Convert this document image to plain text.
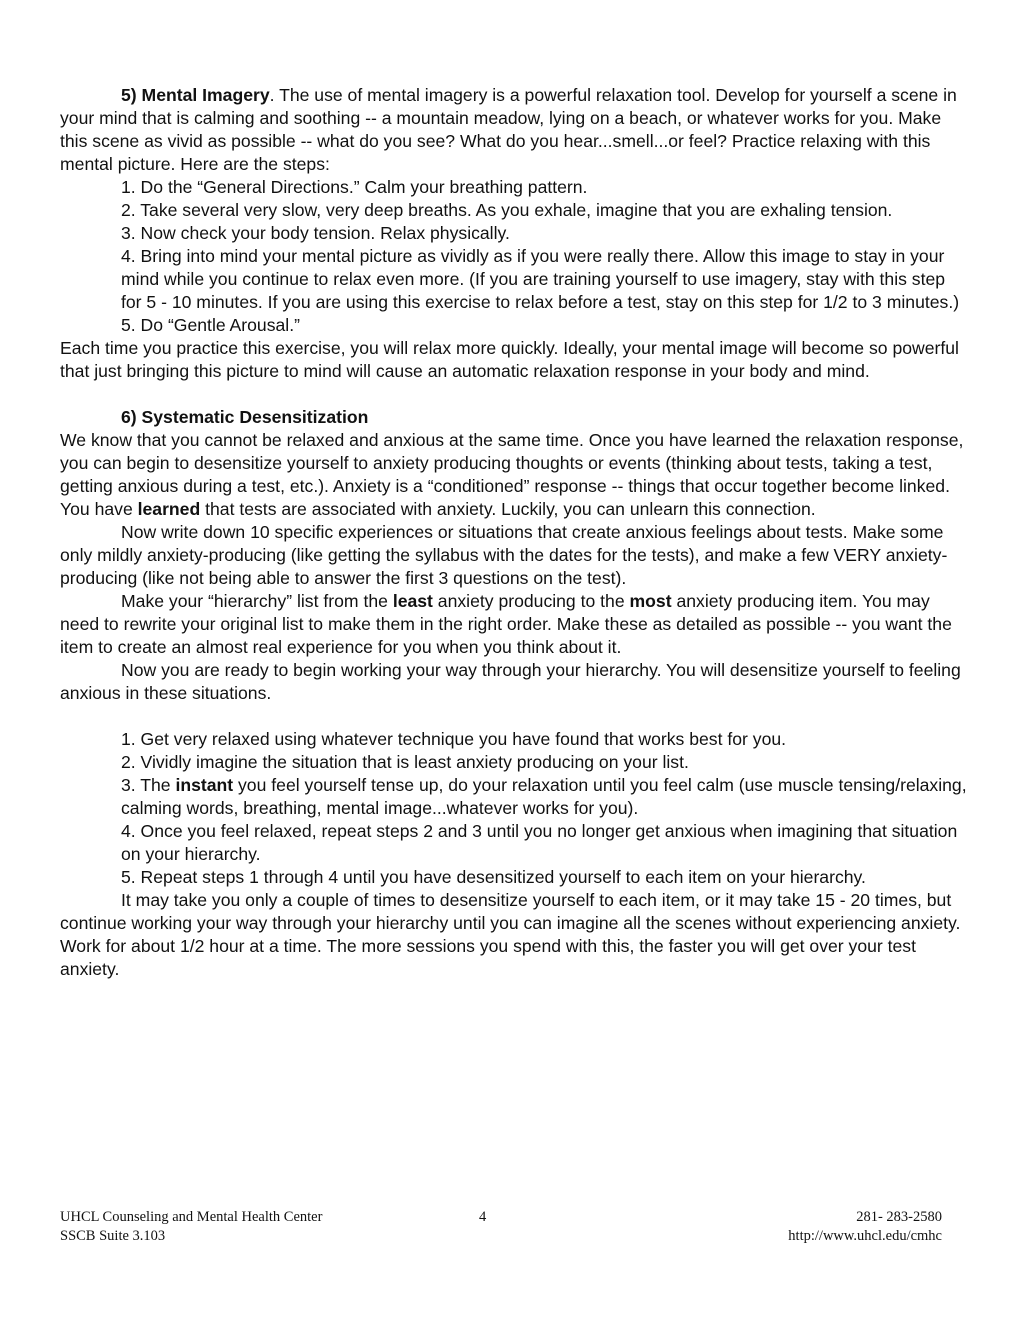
5) Mental Imagery. The use of mental imagery is a powerful relaxation tool. Develop for yourself a scene in your mind that is calming and soothing -- a mountain meadow, lying on a beach, or whatever works for you. Make this scene as vivid as possible -- what do you see? What do you hear...smell...or feel? Practice relaxing with this mental picture. Here are the steps:

1. Do the “General Directions.” Calm your breathing pattern.

2. Take several very slow, very deep breaths. As you exhale, imagine that you are exhaling tension.

3. Now check your body tension. Relax physically.

4. Bring into mind your mental picture as vividly as if you were really there. Allow this image to stay in your mind while you continue to relax even more. (If you are training yourself to use imagery, stay with this step for 5 - 10 minutes. If you are using this exercise to relax before a test, stay on this step for 1/2 to 3 minutes.)

5. Do “Gentle Arousal.”

Each time you practice this exercise, you will relax more quickly. Ideally, your mental image will become so powerful that just bringing this picture to mind will cause an automatic relaxation response in your body and mind.

6) Systematic Desensitization

We know that you cannot be relaxed and anxious at the same time. Once you have learned the relaxation response, you can begin to desensitize yourself to anxiety producing thoughts or events (thinking about tests, taking a test, getting anxious during a test, etc.). Anxiety is a “conditioned” response -- things that occur together become linked. You have learned that tests are associated with anxiety. Luckily, you can unlearn this connection.

Now write down 10 specific experiences or situations that create anxious feelings about tests. Make some only mildly anxiety-producing (like getting the syllabus with the dates for the tests), and make a few VERY anxiety-producing (like not being able to answer the first 3 questions on the test).

Make your “hierarchy” list from the least anxiety producing to the most anxiety producing item. You may need to rewrite your original list to make them in the right order. Make these as detailed as possible -- you want the item to create an almost real experience for you when you think about it.

Now you are ready to begin working your way through your hierarchy. You will desensitize yourself to feeling anxious in these situations.

1. Get very relaxed using whatever technique you have found that works best for you.

2. Vividly imagine the situation that is least anxiety producing on your list.

3. The instant you feel yourself tense up, do your relaxation until you feel calm (use muscle tensing/relaxing, calming words, breathing, mental image...whatever works for you).

4. Once you feel relaxed, repeat steps 2 and 3 until you no longer get anxious when imagining that situation on your hierarchy.

5. Repeat steps 1 through 4 until you have desensitized yourself to each item on your hierarchy.

It may take you only a couple of times to desensitize yourself to each item, or it may take 15 - 20 times, but continue working your way through your hierarchy until you can imagine all the scenes without experiencing anxiety. Work for about 1/2 hour at a time. The more sessions you spend with this, the faster you will get over your test anxiety.

UHCL Counseling and Mental Health Center	4	281- 283-2580
SSCB Suite 3.103	http://www.uhcl.edu/cmhc
